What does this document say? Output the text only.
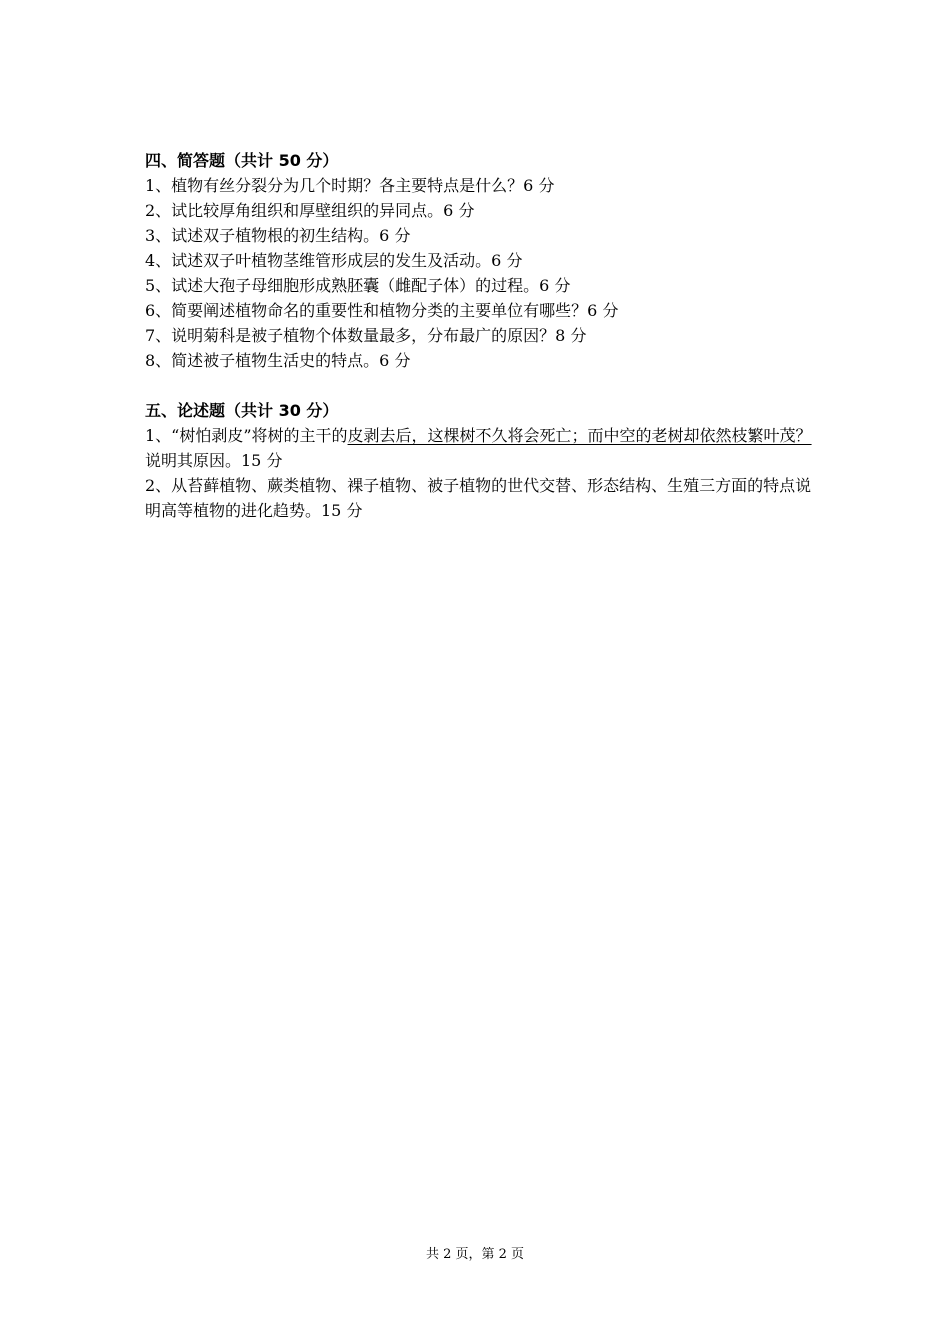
四、简答题（共计 50 分）

1、植物有丝分裂分为几个时期？各主要特点是什么？6 分

2、试比较厚角组织和厚壁组织的异同点。6 分

3、试述双子植物根的初生结构。6 分

4、试述双子叶植物茎维管形成层的发生及活动。6 分

5、试述大孢子母细胞形成熟胚囊（雌配子体）的过程。6 分

6、简要阐述植物命名的重要性和植物分类的主要单位有哪些？6 分

7、说明菊科是被子植物个体数量最多，分布最广的原因？8 分

8、简述被子植物生活史的特点。6 分

五、论述题（共计 30 分）

1、“树怕剥皮”将树的主干的皮剥去后，这棵树不久将会死亡；而中空的老树却依然枝繁叶茂？  说明其原因。15 分

2、从苔藓植物、蕨类植物、裸子植物、被子植物的世代交替、形态结构、生殖三方面的特点说明高等植物的进化趋势。15 分

共 2 页，第 2 页
